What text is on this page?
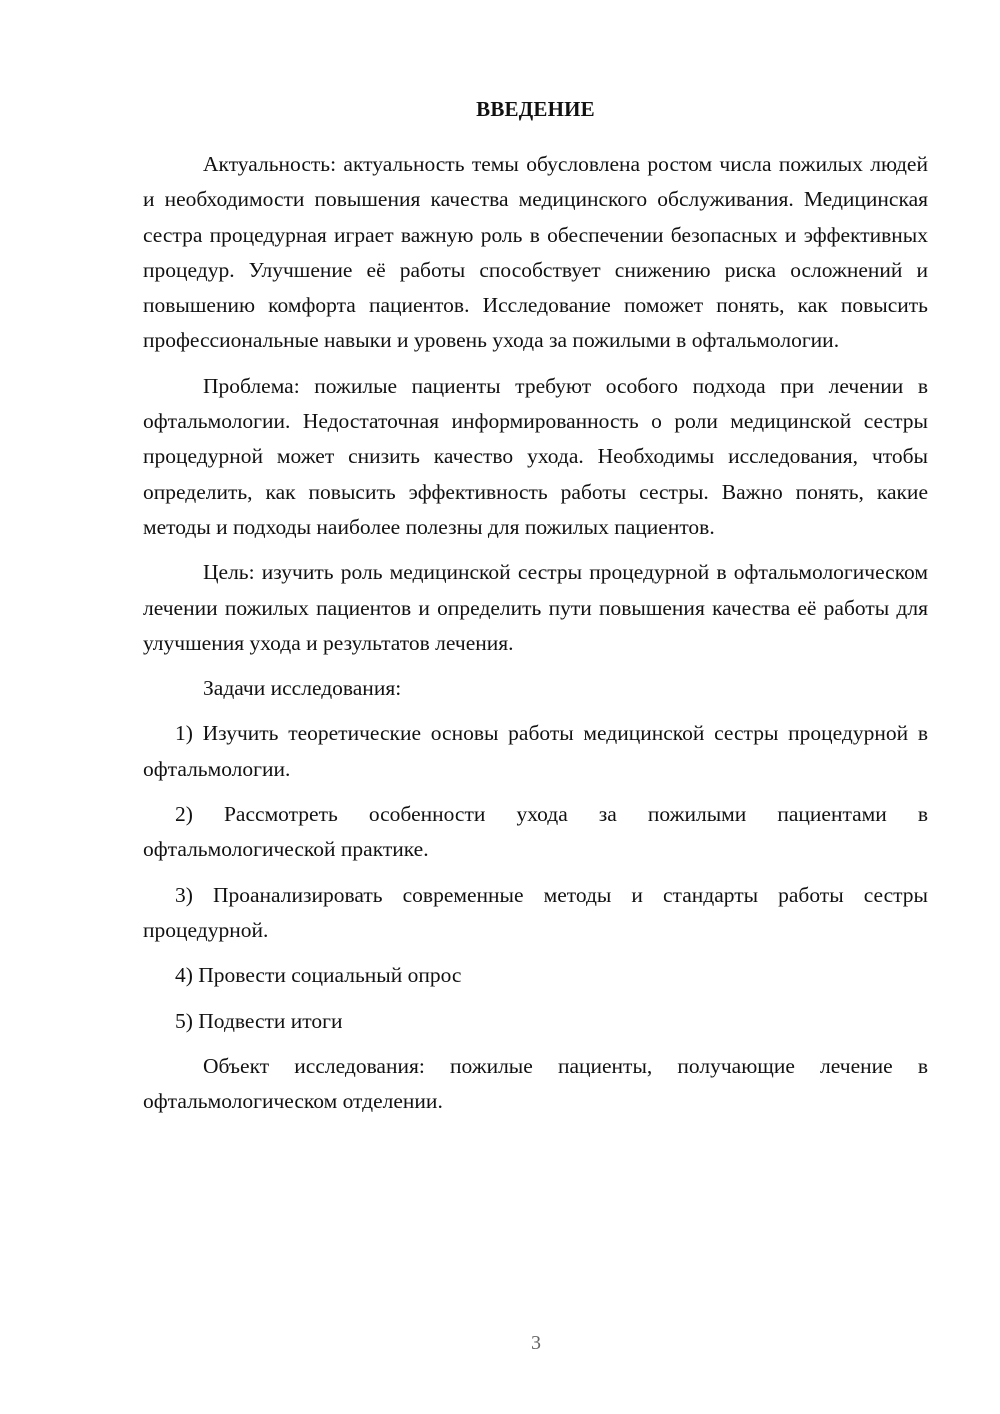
ВВЕДЕНИЕ

Актуальность: актуальность темы обусловлена ростом числа пожилых людей и необходимости повышения качества медицинского обслуживания. Медицинская сестра процедурная играет важную роль в обеспечении безопасных и эффективных процедур. Улучшение её работы способствует снижению риска осложнений и повышению комфорта пациентов. Исследование поможет понять, как повысить профессиональные навыки и уровень ухода за пожилыми в офтальмологии.

Проблема: пожилые пациенты требуют особого подхода при лечении в офтальмологии. Недостаточная информированность о роли медицинской сестры процедурной может снизить качество ухода. Необходимы исследования, чтобы определить, как повысить эффективность работы сестры. Важно понять, какие методы и подходы наиболее полезны для пожилых пациентов.

Цель: изучить роль медицинской сестры процедурной в офтальмологическом лечении пожилых пациентов и определить пути повышения качества её работы для улучшения ухода и результатов лечения.

Задачи исследования:

1) Изучить теоретические основы работы медицинской сестры процедурной в офтальмологии.

2) Рассмотреть особенности ухода за пожилыми пациентами в офтальмологической практике.

3) Проанализировать современные методы и стандарты работы сестры процедурной.

4) Провести социальный опрос

5) Подвести итоги

Объект исследования: пожилые пациенты, получающие лечение в офтальмологическом отделении.

3
